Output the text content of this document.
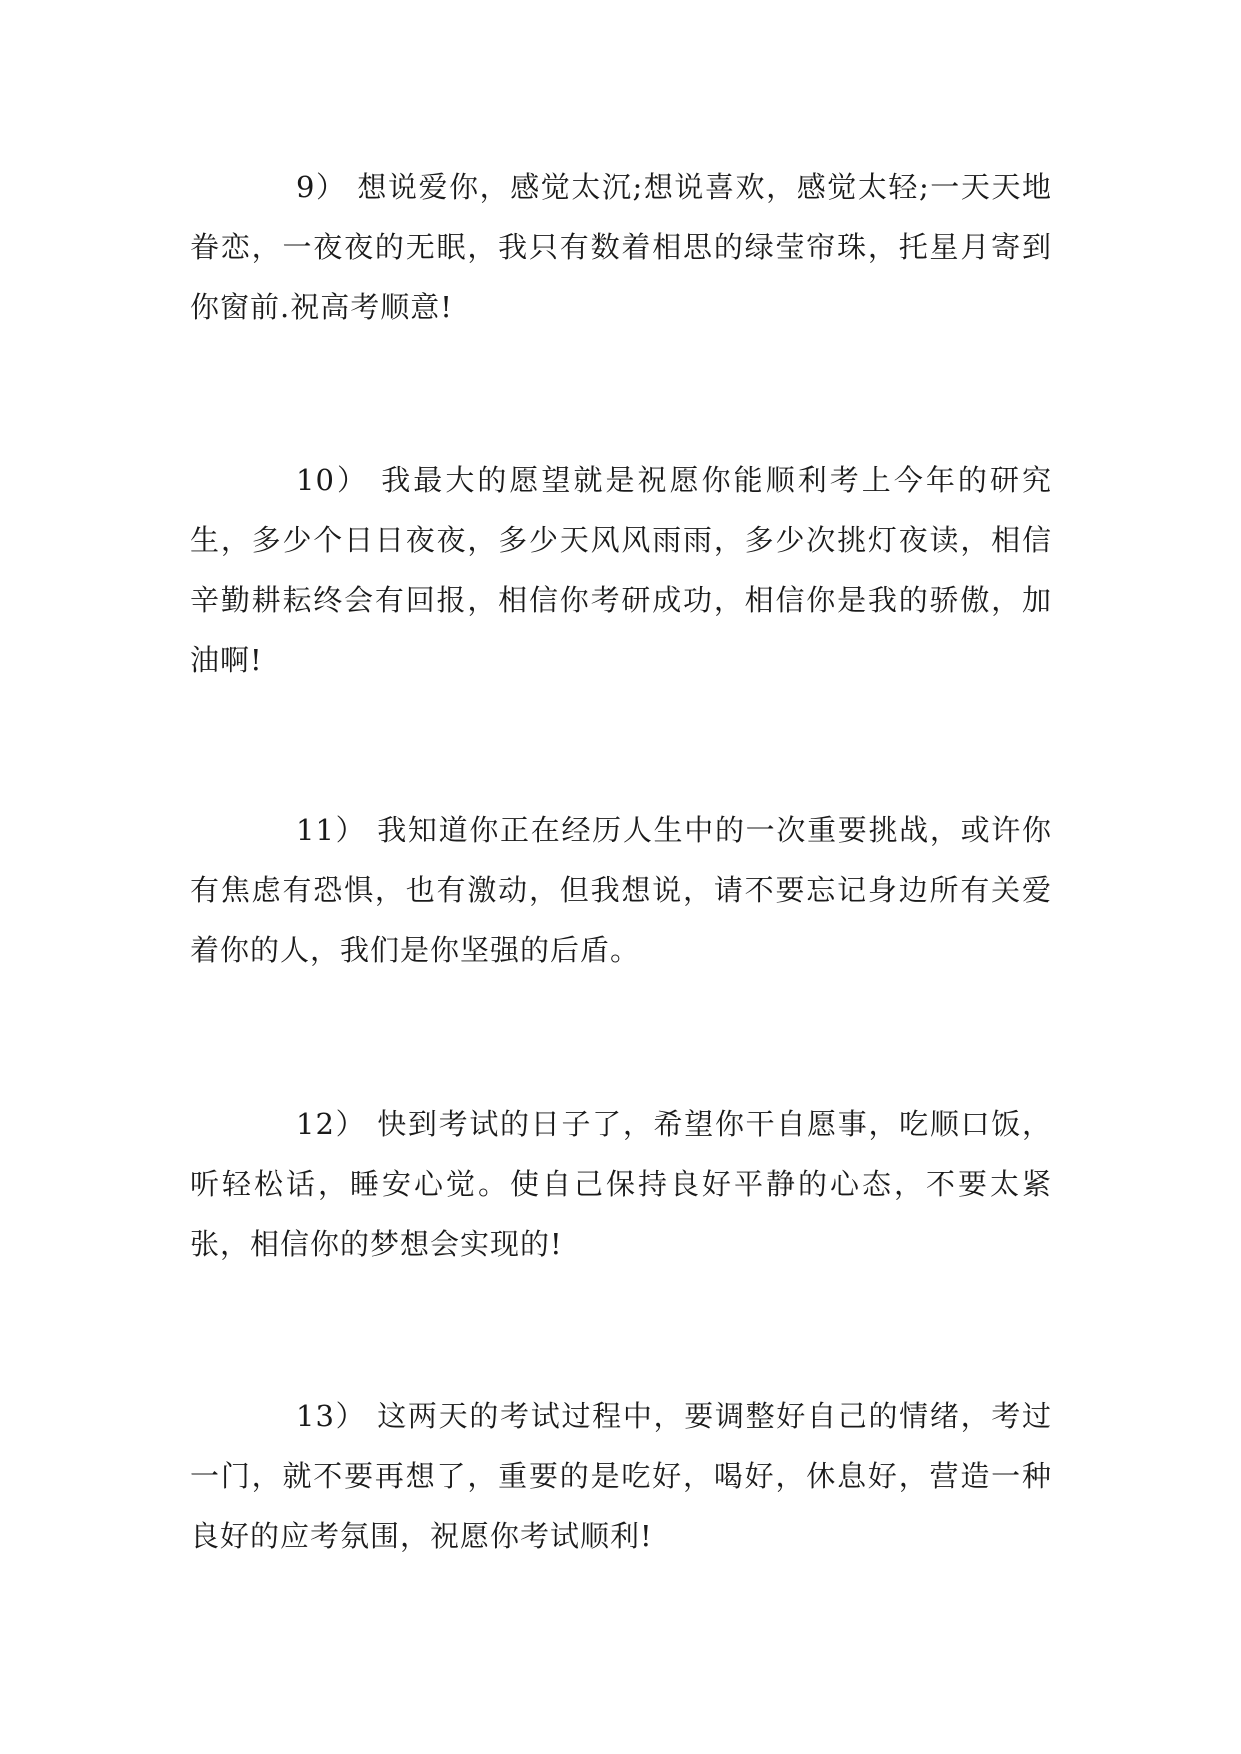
9） 想说爱你，感觉太沉;想说喜欢，感觉太轻;一天天地眷恋，一夜夜的无眠，我只有数着相思的绿莹帘珠，托星月寄到你窗前.祝高考顺意!

10） 我最大的愿望就是祝愿你能顺利考上今年的研究生，多少个日日夜夜，多少天风风雨雨，多少次挑灯夜读，相信辛勤耕耘终会有回报，相信你考研成功，相信你是我的骄傲，加油啊!

11） 我知道你正在经历人生中的一次重要挑战，或许你有焦虑有恐惧，也有激动，但我想说，请不要忘记身边所有关爱着你的人，我们是你坚强的后盾。

12） 快到考试的日子了，希望你干自愿事，吃顺口饭，听轻松话，睡安心觉。使自己保持良好平静的心态，不要太紧张，相信你的梦想会实现的!

13） 这两天的考试过程中，要调整好自己的情绪，考过一门，就不要再想了，重要的是吃好，喝好，休息好，营造一种良好的应考氛围，祝愿你考试顺利!
